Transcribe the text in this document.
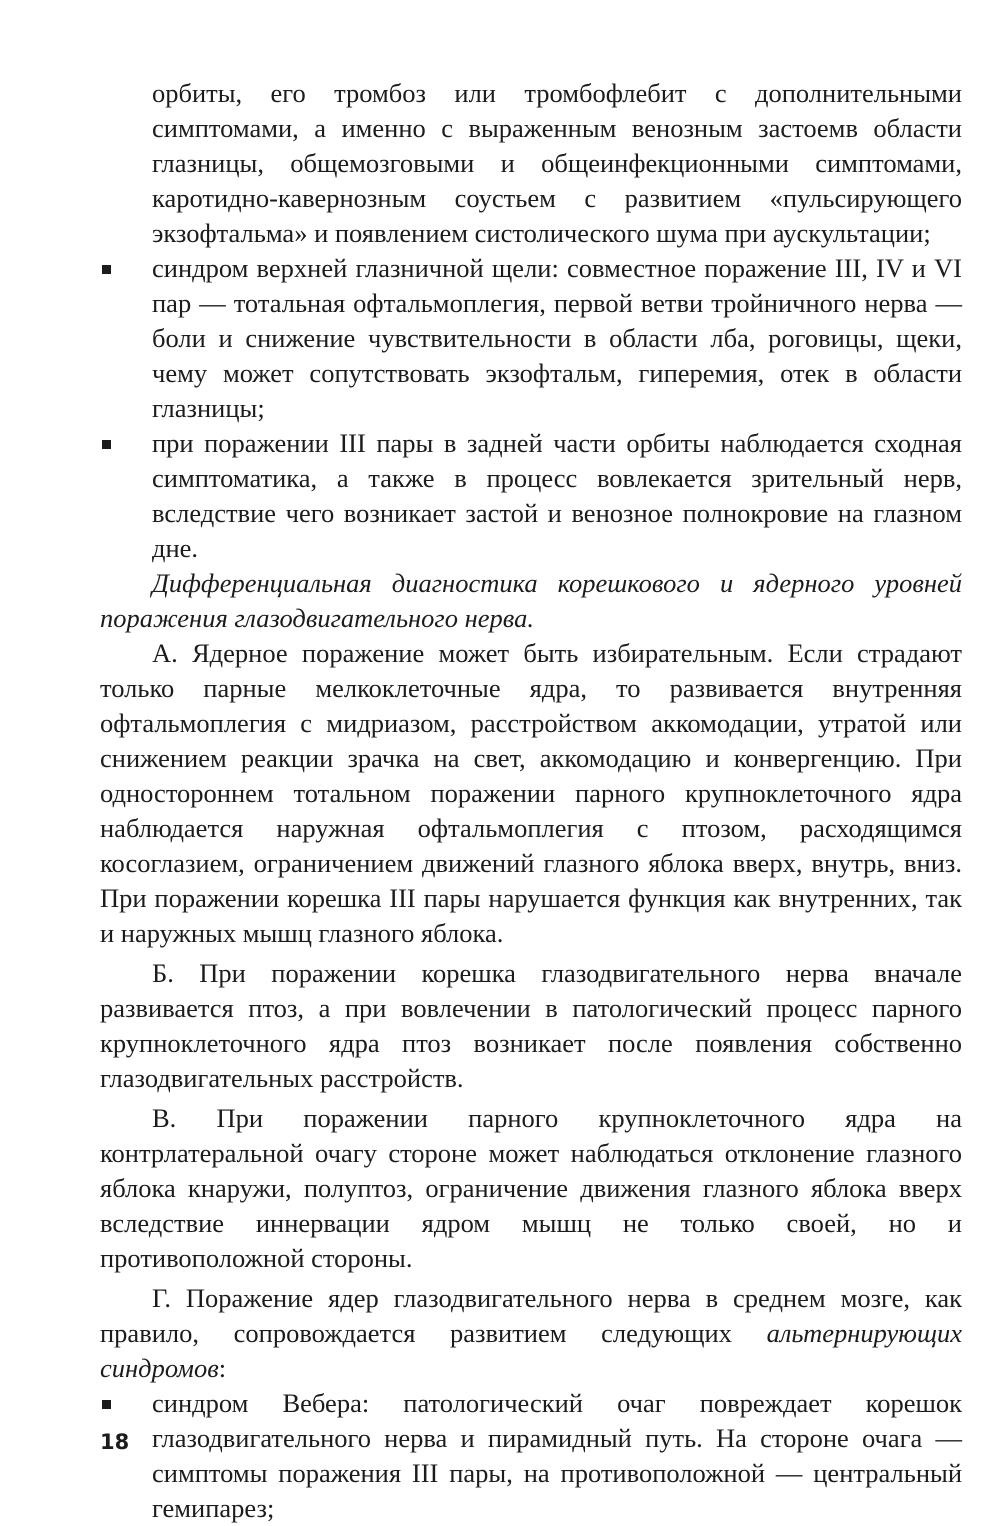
орбиты, его тромбоз или тромбофлебит с дополнительными симптомами, а именно с выраженным венозным застоемв области глазницы, общемозговыми и общеинфекционными симптомами, каротидно-кавернозным соустьем с развитием «пульсирующего экзофтальма» и появлением систолического шума при аускультации;

синдром верхней глазничной щели: совместное поражение III, IV и VI пар — тотальная офтальмоплегия, первой ветви тройничного нерва — боли и снижение чувствительности в области лба, роговицы, щеки, чему может сопутствовать экзофтальм, гиперемия, отек в области глазницы;

при поражении III пары в задней части орбиты наблюдается сходная симптоматика, а также в процесс вовлекается зрительный нерв, вследствие чего возникает застой и венозное полнокровие на глазном дне.

Дифференциальная диагностика корешкового и ядерного уровней поражения глазодвигательного нерва.

А. Ядерное поражение может быть избирательным. Если страдают только парные мелкоклеточные ядра, то развивается внутренняя офтальмоплегия с мидриазом, расстройством аккомодации, утратой или снижением реакции зрачка на свет, аккомодацию и конвергенцию. При одностороннем тотальном поражении парного крупноклеточного ядра наблюдается наружная офтальмоплегия с птозом, расходящимся косоглазием, ограничением движений глазного яблока вверх, внутрь, вниз. При поражении корешка III пары нарушается функция как внутренних, так и наружных мышц глазного яблока.

Б. При поражении корешка глазодвигательного нерва вначале развивается птоз, а при вовлечении в патологический процесс парного крупноклеточного ядра птоз возникает после появления собственно глазодвигательных расстройств.

В. При поражении парного крупноклеточного ядра на контрлатеральной очагу стороне может наблюдаться отклонение глазного яблока кнаружи, полуптоз, ограничение движения глазного яблока вверх вследствие иннервации ядром мышц не только своей, но и противоположной стороны.

Г. Поражение ядер глазодвигательного нерва в среднем мозге, как правило, сопровождается развитием следующих альтернирующих синдромов:

синдром Вебера: патологический очаг повреждает корешок глазодвигательного нерва и пирамидный путь. На стороне очага — симптомы поражения III пары, на противоположной — центральный гемипарез;

18
